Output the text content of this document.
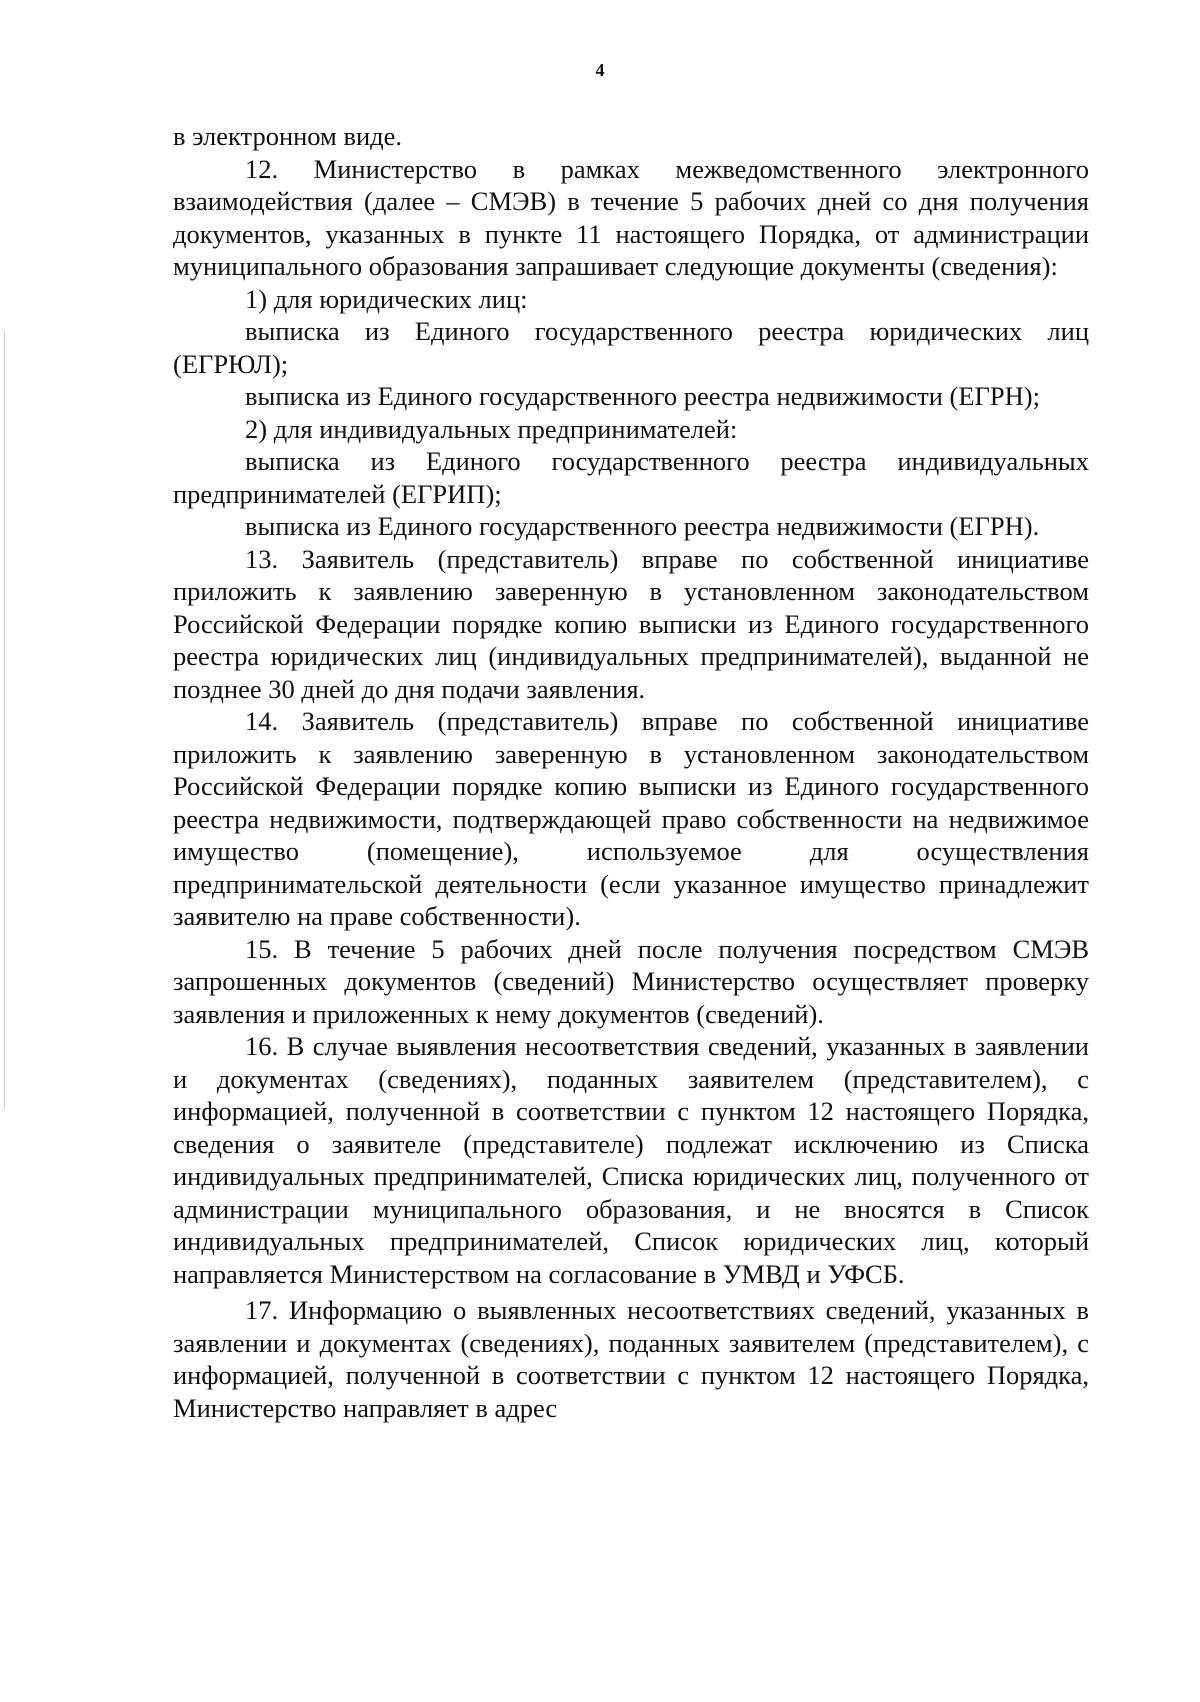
4

в электронном виде.

12. Министерство в рамках межведомственного электронного взаимодействия (далее – СМЭВ) в течение 5 рабочих дней со дня получения документов, указанных в пункте 11 настоящего Порядка, от администрации муниципального образования запрашивает следующие документы (сведения):

1) для юридических лиц:

выписка из Единого государственного реестра юридических лиц (ЕГРЮЛ);

выписка из Единого государственного реестра недвижимости (ЕГРН);

2) для индивидуальных предпринимателей:

выписка из Единого государственного реестра индивидуальных предпринимателей (ЕГРИП);

выписка из Единого государственного реестра недвижимости (ЕГРН).

13. Заявитель (представитель) вправе по собственной инициативе приложить к заявлению заверенную в установленном законодательством Российской Федерации порядке копию выписки из Единого государственного реестра юридических лиц (индивидуальных предпринимателей), выданной не позднее 30 дней до дня подачи заявления.

14. Заявитель (представитель) вправе по собственной инициативе приложить к заявлению заверенную в установленном законодательством Российской Федерации порядке копию выписки из Единого государственного реестра недвижимости, подтверждающей право собственности на недвижимое имущество (помещение), используемое для осуществления предпринимательской деятельности (если указанное имущество принадлежит заявителю на праве собственности).

15. В течение 5 рабочих дней после получения посредством СМЭВ запрошенных документов (сведений) Министерство осуществляет проверку заявления и приложенных к нему документов (сведений).

16. В случае выявления несоответствия сведений, указанных в заявлении и документах (сведениях), поданных заявителем (представителем), с информацией, полученной в соответствии с пунктом 12 настоящего Порядка, сведения о заявителе (представителе) подлежат исключению из Списка индивидуальных предпринимателей, Списка юридических лиц, полученного от администрации муниципального образования, и не вносятся в Список индивидуальных предпринимателей, Список юридических лиц, который направляется Министерством на согласование в УМВД и УФСБ.

17. Информацию о выявленных несоответствиях сведений, указанных в заявлении и документах (сведениях), поданных заявителем (представителем), с информацией, полученной в соответствии с пунктом 12 настоящего Порядка, Министерство направляет в адрес
